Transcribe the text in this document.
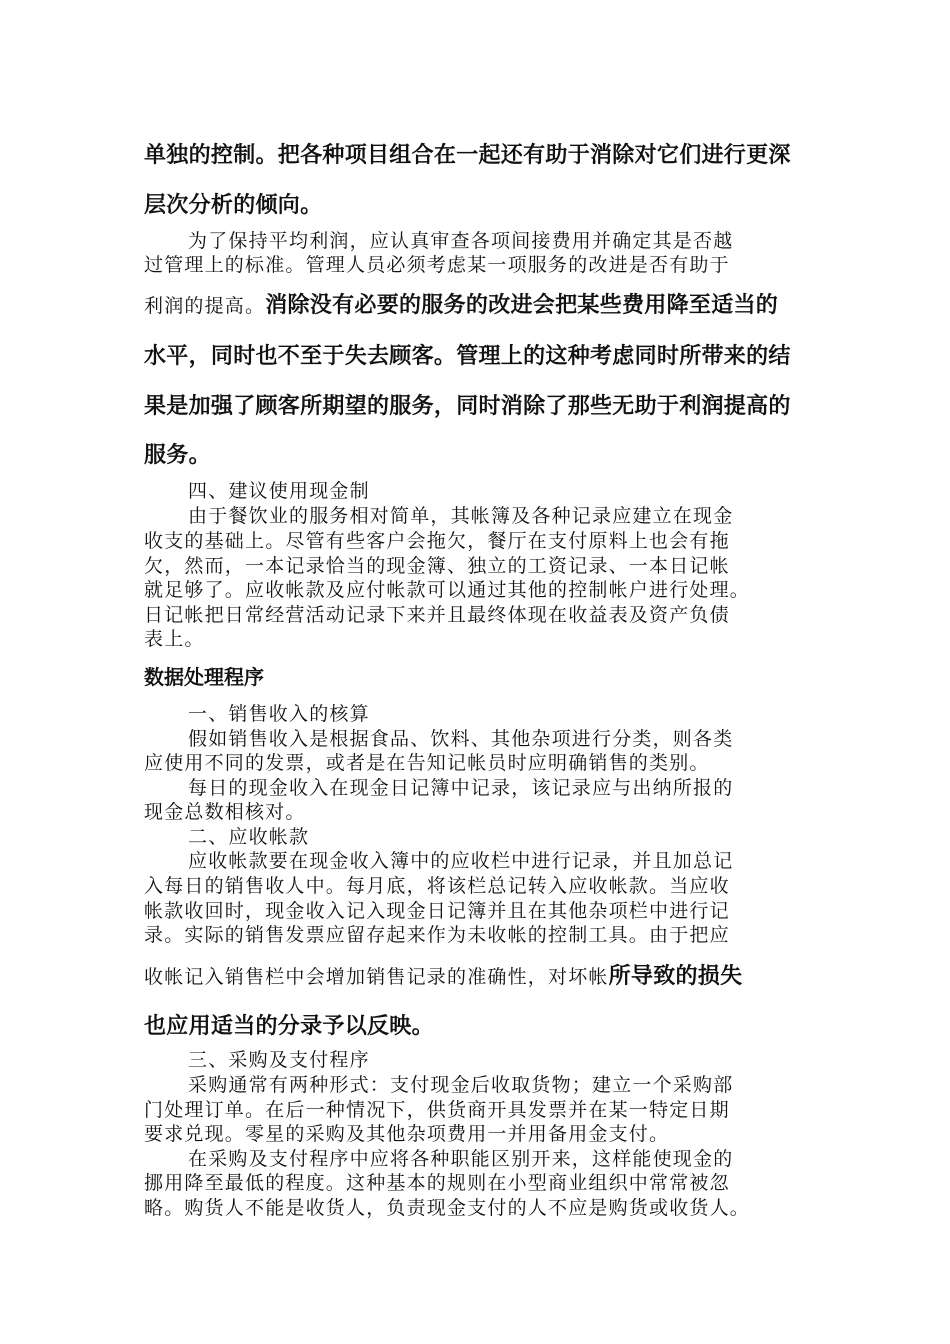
单独的控制。把各种项目组合在一起还有助于消除对它们进行更深

层次分析的倾向。

为了保持平均利润，应认真审查各项间接费用并确定其是否越

过管理上的标准。管理人员必须考虑某一项服务的改进是否有助于

利润的提高。消除没有必要的服务的改进会把某些费用降至适当的

水平，同时也不至于失去顾客。管理上的这种考虑同时所带来的结

果是加强了顾客所期望的服务，同时消除了那些无助于利润提高的

服务。

四、建议使用现金制

由于餐饮业的服务相对简单，其帐簿及各种记录应建立在现金

收支的基础上。尽管有些客户会拖欠，餐厅在支付原料上也会有拖

欠，然而，一本记录恰当的现金簿、独立的工资记录、一本日记帐

就足够了。应收帐款及应付帐款可以通过其他的控制帐户进行处理。

日记帐把日常经营活动记录下来并且最终体现在收益表及资产负债

表上。

数据处理程序

一、销售收入的核算

假如销售收入是根据食品、饮料、其他杂项进行分类，则各类

应使用不同的发票，或者是在告知记帐员时应明确销售的类别。

每日的现金收入在现金日记簿中记录，该记录应与出纳所报的

现金总数相核对。

二、应收帐款

应收帐款要在现金收入簿中的应收栏中进行记录，并且加总记

入每日的销售收人中。每月底，将该栏总记转入应收帐款。当应收

帐款收回时，现金收入记入现金日记簿并且在其他杂项栏中进行记

录。实际的销售发票应留存起来作为未收帐的控制工具。由于把应

收帐记入销售栏中会增加销售记录的准确性，对坏帐所导致的损失

也应用适当的分录予以反映。

三、采购及支付程序

采购通常有两种形式：支付现金后收取货物；建立一个采购部

门处理订单。在后一种情况下，供货商开具发票并在某一特定日期

要求兑现。零星的采购及其他杂项费用一并用备用金支付。

在采购及支付程序中应将各种职能区别开来，这样能使现金的

挪用降至最低的程度。这种基本的规则在小型商业组织中常常被忽

略。购货人不能是收货人，负责现金支付的人不应是购货或收货人。
